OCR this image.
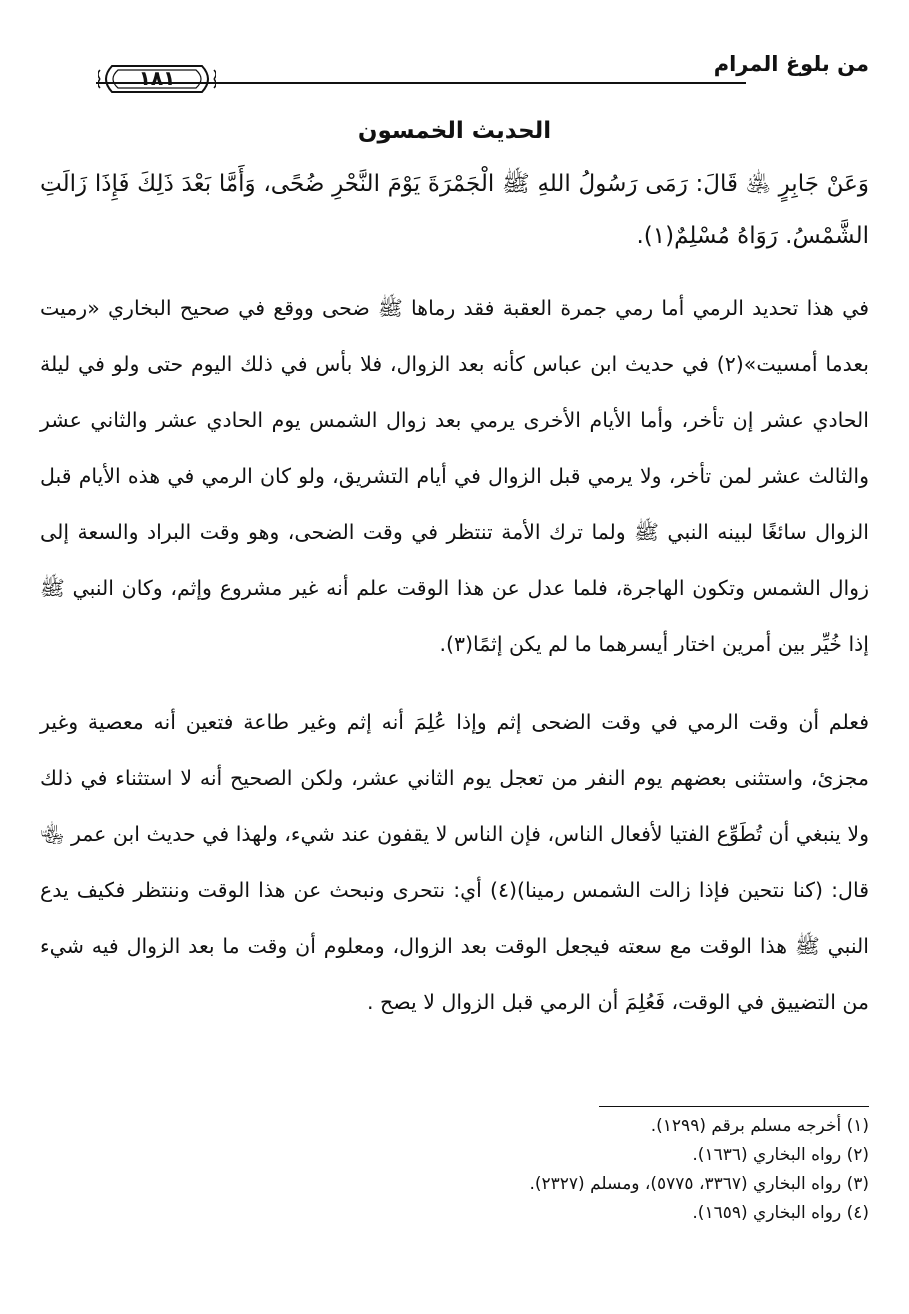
من بلوغ المرام
١٨١
الحديث الخمسون
وَعَنْ جَابِرٍ ﵁ قَالَ: رَمَى رَسُولُ اللهِ ﷺ الْجَمْرَةَ يَوْمَ النَّحْرِ ضُحًى، وَأَمَّا بَعْدَ ذَلِكَ فَإِذَا زَالَتِ الشَّمْسُ. رَوَاهُ مُسْلِمٌ(١).
في هذا تحديد الرمي أما رمي جمرة العقبة فقد رماها ﷺ ضحى ووقع في صحيح البخاري «رميت بعدما أمسيت»(٢) في حديث ابن عباس كأنه بعد الزوال، فلا بأس في ذلك اليوم حتى ولو في ليلة الحادي عشر إن تأخر، وأما الأيام الأخرى يرمي بعد زوال الشمس يوم الحادي عشر والثاني عشر والثالث عشر لمن تأخر، ولا يرمي قبل الزوال في أيام التشريق، ولو كان الرمي في هذه الأيام قبل الزوال سائغًا لبينه النبي ﷺ ولما ترك الأمة تنتظر في وقت الضحى، وهو وقت البراد والسعة إلى زوال الشمس وتكون الهاجرة، فلما عدل عن هذا الوقت علم أنه غير مشروع وإثم، وكان النبي ﷺ إذا خُيِّر بين أمرين اختار أيسرهما ما لم يكن إثمًا(٣).
فعلم أن وقت الرمي في وقت الضحى إثم وإذا عُلِمَ أنه إثم وغير طاعة فتعين أنه معصية وغير مجزئ، واستثنى بعضهم يوم النفر من تعجل يوم الثاني عشر، ولكن الصحيح أنه لا استثناء في ذلك ولا ينبغي أن تُطَوِّع الفتيا لأفعال الناس، فإن الناس لا يقفون عند شيء، ولهذا في حديث ابن عمر ﵄ قال: (كنا نتحين فإذا زالت الشمس رمينا)(٤) أي: نتحرى ونبحث عن هذا الوقت وننتظر فكيف يدع النبي ﷺ هذا الوقت مع سعته فيجعل الوقت بعد الزوال، ومعلوم أن وقت ما بعد الزوال فيه شيء من التضييق في الوقت، فَعُلِمَ أن الرمي قبل الزوال لا يصح .
(١) أخرجه مسلم برقم (١٢٩٩).
(٢) رواه البخاري (١٦٣٦).
(٣) رواه البخاري (٣٣٦٧، ٥٧٧٥)، ومسلم (٢٣٢٧).
(٤) رواه البخاري (١٦٥٩).
